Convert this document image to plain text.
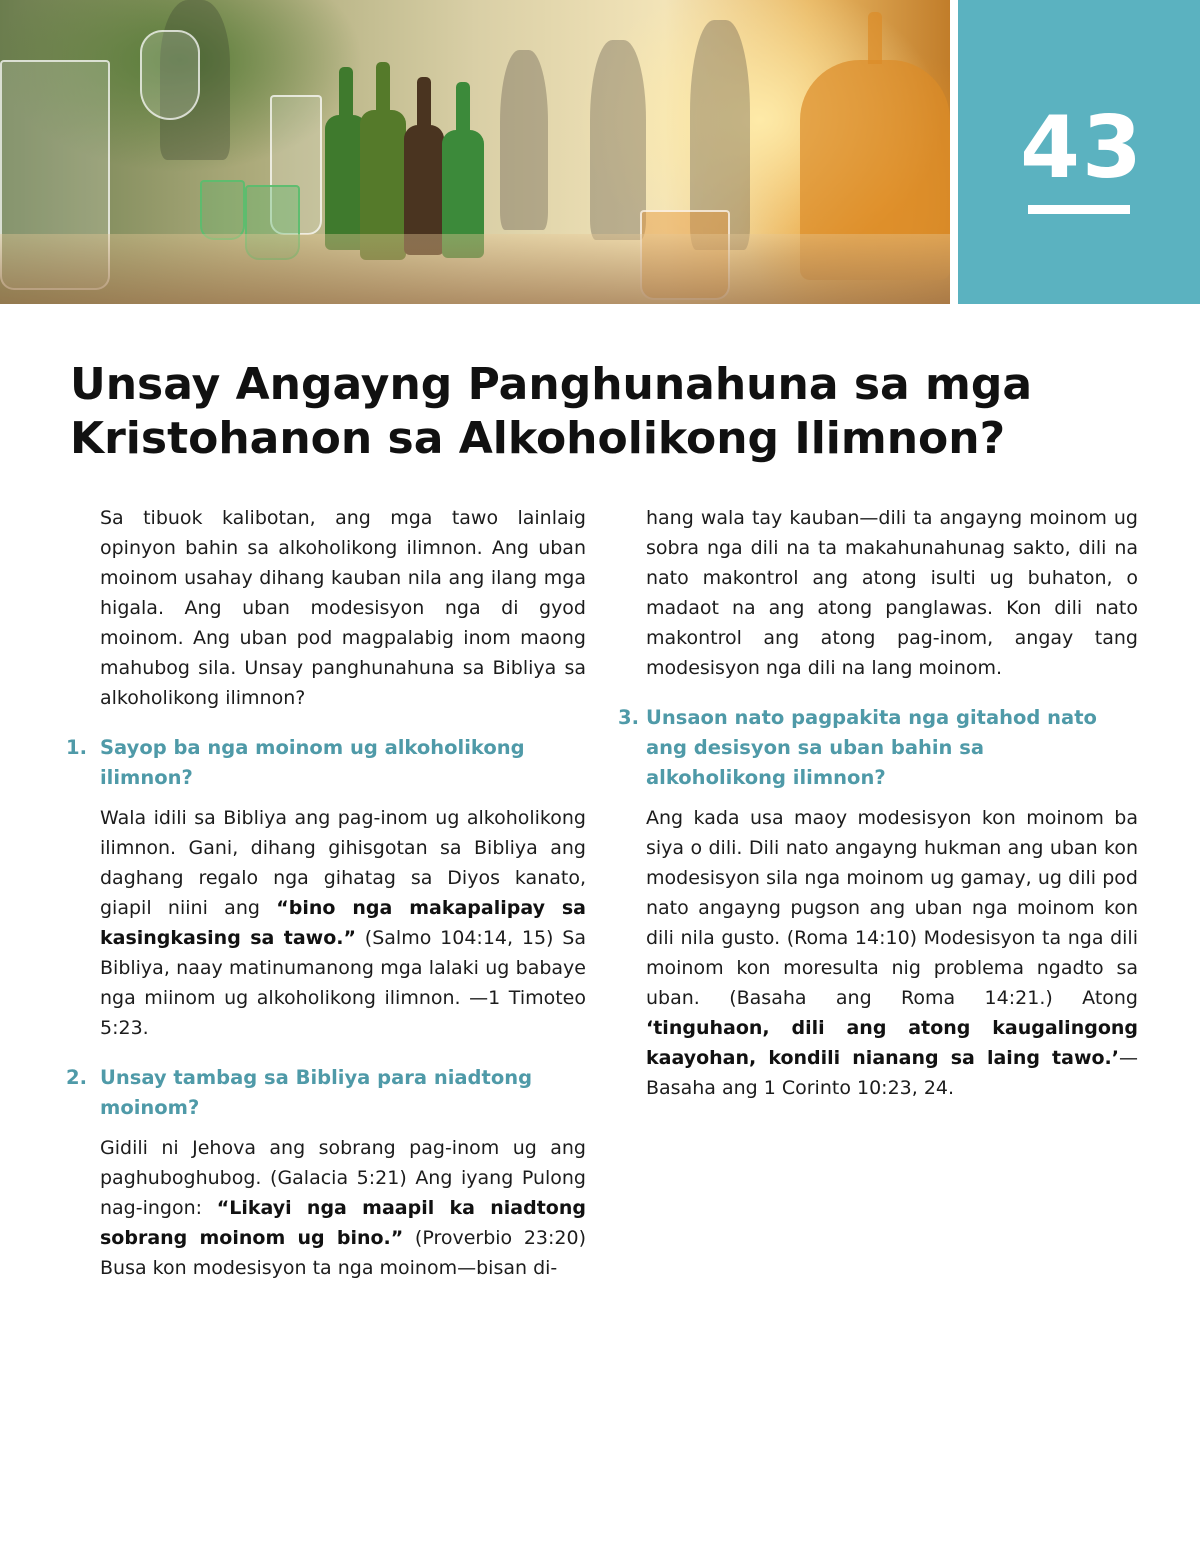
43
Unsay Angayng Panghunahuna sa mga
Kristohanon sa Alkoholikong Ilimnon?

Sa tibuok kalibotan, ang mga tawo lainlaig opinyon bahin sa alkoholikong ilimnon. Ang uban moinom usahay dihang kauban nila ang ilang mga higala. Ang uban modesisyon nga di gyod moinom. Ang uban pod magpalabig inom maong mahubog sila. Unsay panghunahuna sa Bibliya sa alkoholikong ilimnon?

1. Sayop ba nga moinom ug alkoholikong ilimnon?

Wala idili sa Bibliya ang pag-inom ug alkoholikong ilimnon. Gani, dihang gihisgotan sa Bibliya ang daghang regalo nga gihatag sa Diyos kanato, giapil niini ang “bino nga makapalipay sa kasingkasing sa tawo.” (Salmo 104:14, 15) Sa Bibliya, naay matinumanong mga lalaki ug babaye nga miinom ug alkoholikong ilimnon. —1 Timoteo 5:23.

2. Unsay tambag sa Bibliya para niadtong moinom?

Gidili ni Jehova ang sobrang pag-inom ug ang paghuboghubog. (Galacia 5:21) Ang iyang Pulong nag-ingon: “Likayi nga maapil ka niadtong sobrang moinom ug bino.” (Proverbio 23:20) Busa kon modesisyon ta nga moinom—bisan di-

hang wala tay kauban—dili ta angayng moinom ug sobra nga dili na ta makahunahunag sakto, dili na nato makontrol ang atong isulti ug buhaton, o madaot na ang atong panglawas. Kon dili nato makontrol ang atong pag-inom, angay tang modesisyon nga dili na lang moinom.

3. Unsaon nato pagpakita nga gitahod nato ang desisyon sa uban bahin sa alkoholikong ilimnon?

Ang kada usa maoy modesisyon kon moinom ba siya o dili. Dili nato angayng hukman ang uban kon modesisyon sila nga moinom ug gamay, ug dili pod nato angayng pugson ang uban nga moinom kon dili nila gusto. (Roma 14:10) Modesisyon ta nga dili moinom kon moresulta nig problema ngadto sa uban. (Basaha ang Roma 14:21.) Atong ‘tinguhaon, dili ang atong kaugalingong kaayohan, kondili nianang sa laing tawo.’—Basaha ang 1 Corinto 10:23, 24.
